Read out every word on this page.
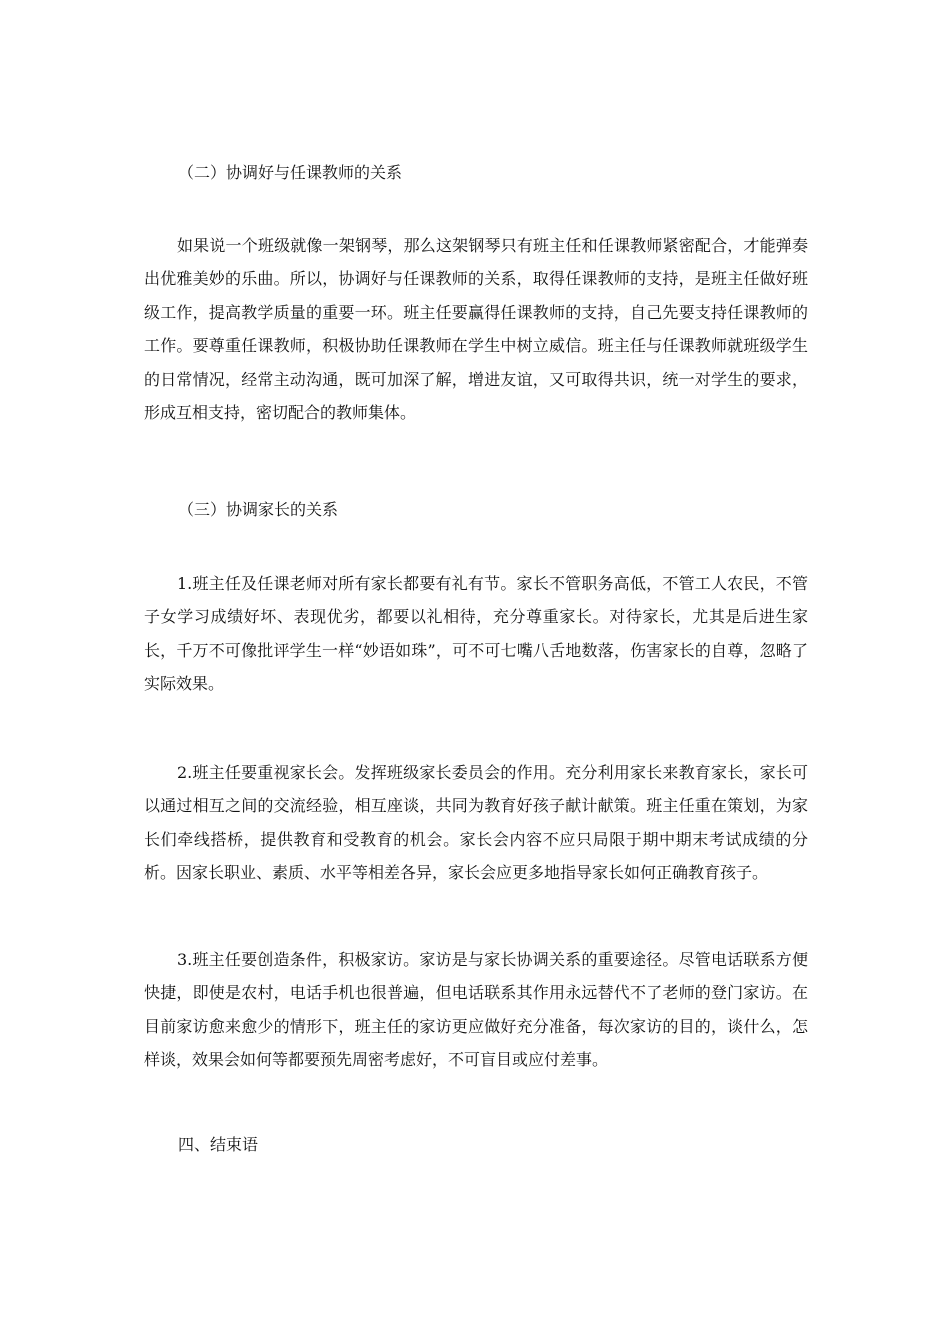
（二）协调好与任课教师的关系

如果说一个班级就像一架钢琴，那么这架钢琴只有班主任和任课教师紧密配合，才能弹奏出优雅美妙的乐曲。所以，协调好与任课教师的关系，取得任课教师的支持，是班主任做好班级工作，提高教学质量的重要一环。班主任要赢得任课教师的支持，自己先要支持任课教师的工作。要尊重任课教师，积极协助任课教师在学生中树立威信。班主任与任课教师就班级学生的日常情况，经常主动沟通，既可加深了解，增进友谊，又可取得共识，统一对学生的要求，形成互相支持，密切配合的教师集体。

（三）协调家长的关系

1.班主任及任课老师对所有家长都要有礼有节。家长不管职务高低，不管工人农民，不管子女学习成绩好坏、表现优劣，都要以礼相待，充分尊重家长。对待家长，尤其是后进生家长，千万不可像批评学生一样“妙语如珠”，可不可七嘴八舌地数落，伤害家长的自尊，忽略了实际效果。

2.班主任要重视家长会。发挥班级家长委员会的作用。充分利用家长来教育家长，家长可以通过相互之间的交流经验，相互座谈，共同为教育好孩子献计献策。班主任重在策划，为家长们牵线搭桥，提供教育和受教育的机会。家长会内容不应只局限于期中期末考试成绩的分析。因家长职业、素质、水平等相差各异，家长会应更多地指导家长如何正确教育孩子。

3.班主任要创造条件，积极家访。家访是与家长协调关系的重要途径。尽管电话联系方便快捷，即使是农村，电话手机也很普遍，但电话联系其作用永远替代不了老师的登门家访。在目前家访愈来愈少的情形下，班主任的家访更应做好充分准备，每次家访的目的，谈什么，怎样谈，效果会如何等都要预先周密考虑好，不可盲目或应付差事。

四、结束语
